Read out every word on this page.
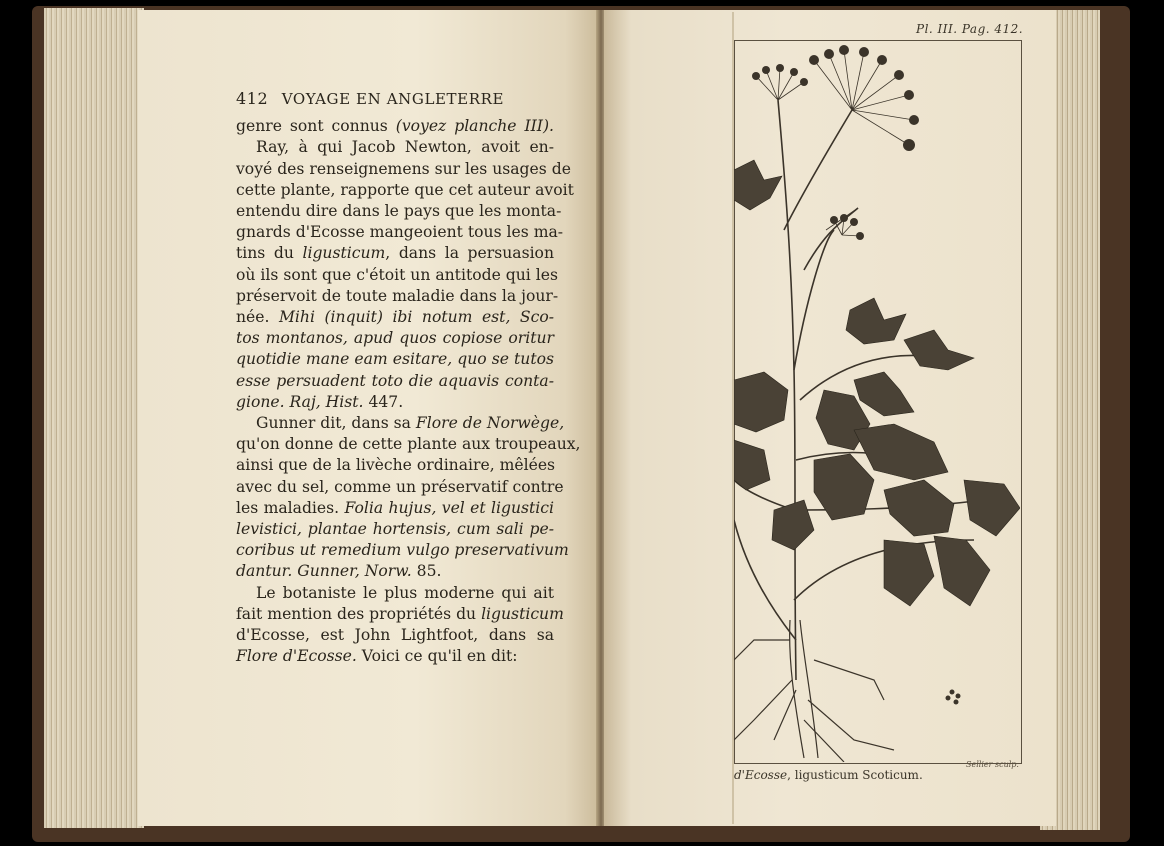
412 VOYAGE EN ANGLETERRE
genre sont connus (voyez planche III).
Ray, à qui Jacob Newton, avoit en-
voyé des renseignemens sur les usages de
cette plante, rapporte que cet auteur avoit
entendu dire dans le pays que les monta-
gnards d'Ecosse mangeoient tous les ma-
tins du ligusticum, dans la persuasion
où ils sont que c'étoit un antitode qui les
préservoit de toute maladie dans la jour-
née. Mihi (inquit) ibi notum est, Sco-
tos montanos, apud quos copiose oritur
quotidie mane eam esitare, quo se tutos
esse persuadent toto die aquavis conta-
gione. Raj, Hist. 447.
Gunner dit, dans sa Flore de Norwège,
qu'on donne de cette plante aux troupeaux,
ainsi que de la livèche ordinaire, mêlées
avec du sel, comme un préservatif contre
les maladies. Folia hujus, vel et ligustici
levistici, plantae hortensis, cum sali pe-
coribus ut remedium vulgo preservativum
dantur. Gunner, Norw. 85.
Le botaniste le plus moderne qui ait
fait mention des propriétés du ligusticum
d'Ecosse, est John Lightfoot, dans sa
Flore d'Ecosse. Voici ce qu'il en dit:
Pl. III. Pag. 412.
Sellier sculp.
d'Ecosse, ligusticum Scoticum.
